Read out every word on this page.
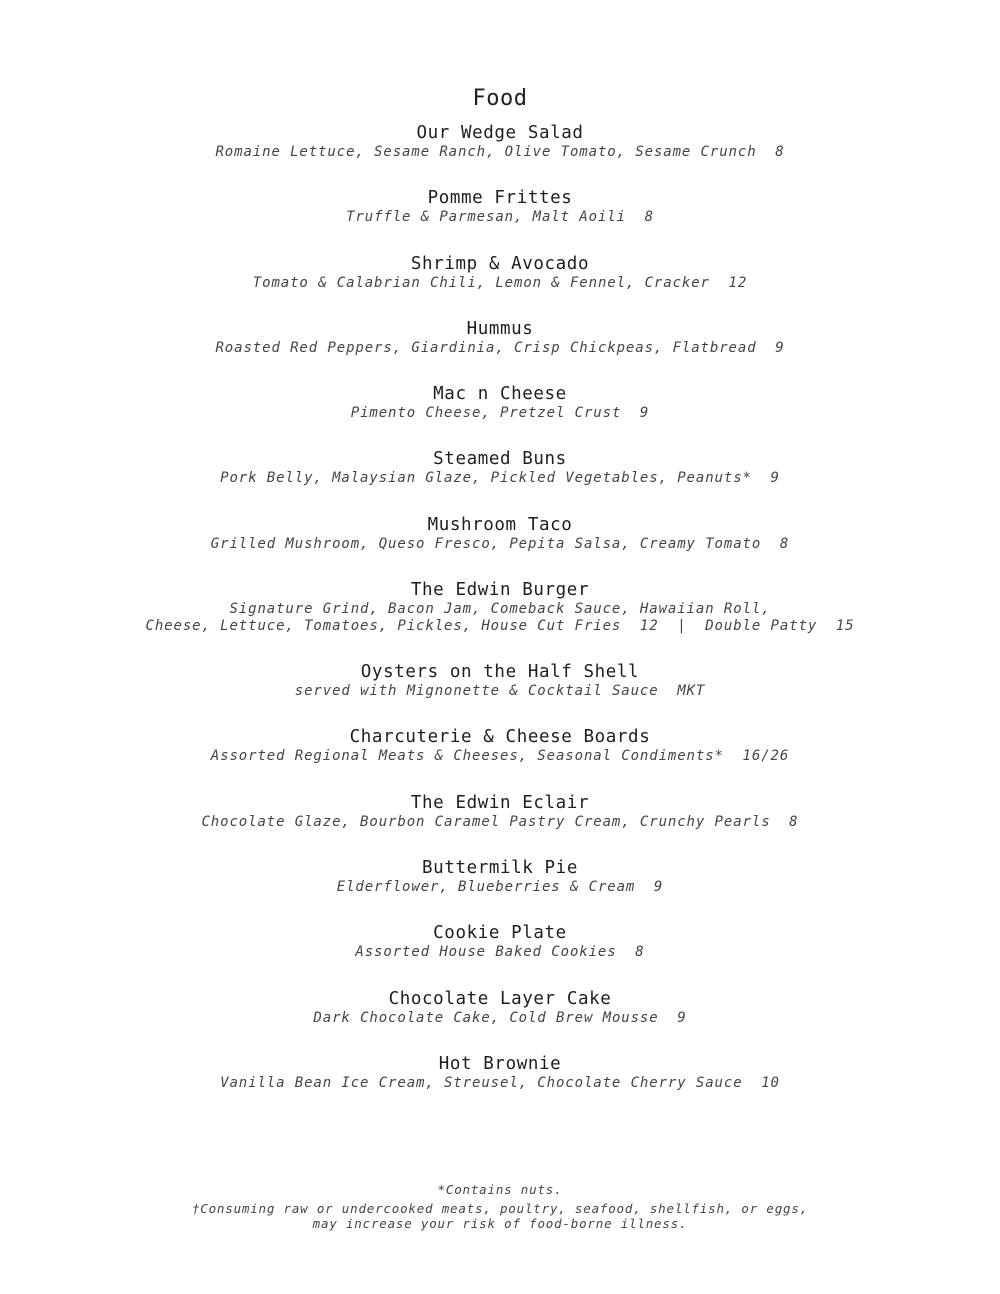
Food
Our Wedge Salad
Romaine Lettuce, Sesame Ranch, Olive Tomato, Sesame Crunch  8
Pomme Frittes
Truffle & Parmesan, Malt Aoili  8
Shrimp & Avocado
Tomato & Calabrian Chili, Lemon & Fennel, Cracker  12
Hummus
Roasted Red Peppers, Giardinia, Crisp Chickpeas, Flatbread  9
Mac n Cheese
Pimento Cheese, Pretzel Crust  9
Steamed Buns
Pork Belly, Malaysian Glaze, Pickled Vegetables, Peanuts*  9
Mushroom Taco
Grilled Mushroom, Queso Fresco, Pepita Salsa, Creamy Tomato  8
The Edwin Burger
Signature Grind, Bacon Jam, Comeback Sauce, Hawaiian Roll,
Cheese, Lettuce, Tomatoes, Pickles, House Cut Fries  12  |  Double Patty  15
Oysters on the Half Shell
served with Mignonette & Cocktail Sauce  MKT
Charcuterie & Cheese Boards
Assorted Regional Meats & Cheeses, Seasonal Condiments*  16/26
The Edwin Eclair
Chocolate Glaze, Bourbon Caramel Pastry Cream, Crunchy Pearls  8
Buttermilk Pie
Elderflower, Blueberries & Cream  9
Cookie Plate
Assorted House Baked Cookies  8
Chocolate Layer Cake
Dark Chocolate Cake, Cold Brew Mousse  9
Hot Brownie
Vanilla Bean Ice Cream, Streusel, Chocolate Cherry Sauce  10
*Contains nuts.
†Consuming raw or undercooked meats, poultry, seafood, shellfish, or eggs,
may increase your risk of food-borne illness.
